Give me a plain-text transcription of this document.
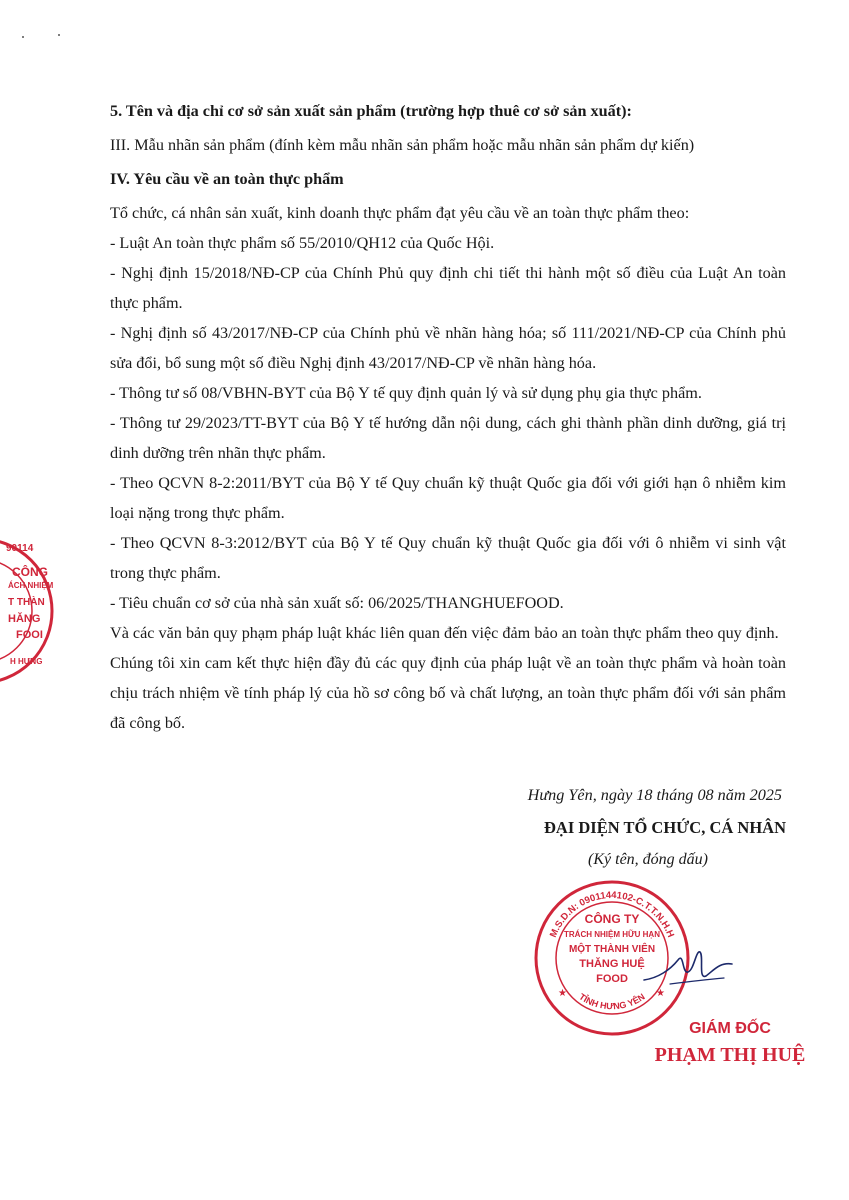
5. Tên và địa chỉ cơ sở sản xuất sản phẩm (trường hợp thuê cơ sở sản xuất):

III. Mẫu nhãn sản phẩm (đính kèm mẫu nhãn sản phẩm hoặc mẫu nhãn sản phẩm dự kiến)

IV. Yêu cầu về an toàn thực phẩm

Tổ chức, cá nhân sản xuất, kinh doanh thực phẩm đạt yêu cầu về an toàn thực phẩm theo:

- Luật An toàn thực phẩm số 55/2010/QH12 của Quốc Hội.

- Nghị định 15/2018/NĐ-CP của Chính Phủ quy định chi tiết thi hành một số điều của Luật An toàn thực phẩm.

- Nghị định số 43/2017/NĐ-CP của Chính phủ về nhãn hàng hóa; số 111/2021/NĐ-CP của Chính phủ sửa đổi, bổ sung một số điều Nghị định 43/2017/NĐ-CP về nhãn hàng hóa.

- Thông tư số 08/VBHN-BYT của Bộ Y tế quy định quản lý và sử dụng phụ gia thực phẩm.

- Thông tư 29/2023/TT-BYT của Bộ Y tế hướng dẫn nội dung, cách ghi thành phần dinh dưỡng, giá trị dinh dưỡng trên nhãn thực phẩm.

- Theo QCVN 8-2:2011/BYT của Bộ Y tế Quy chuẩn kỹ thuật Quốc gia đối với giới hạn ô nhiễm kim loại nặng trong thực phẩm.

- Theo QCVN 8-3:2012/BYT của Bộ Y tế Quy chuẩn kỹ thuật Quốc gia đối với ô nhiễm vi sinh vật trong thực phẩm.

- Tiêu chuẩn cơ sở của nhà sản xuất số: 06/2025/THANGHUEFOOD.

Và các văn bản quy phạm pháp luật khác liên quan đến việc đảm bảo an toàn thực phẩm theo quy định.

Chúng tôi xin cam kết thực hiện đầy đủ các quy định của pháp luật về an toàn thực phẩm và hoàn toàn chịu trách nhiệm về tính pháp lý của hồ sơ công bố và chất lượng, an toàn thực phẩm đối với sản phẩm đã công bố.

Hưng Yên, ngày 18 tháng 08 năm 2025
ĐẠI DIỆN TỔ CHỨC, CÁ NHÂN
(Ký tên, đóng dấu)
M.S.D.N: 0901144102-C.T.T.N.H.H
TỈNH HƯNG YÊN
★	★
CÔNG TY
TRÁCH NHIỆM HỮU HẠN
MỘT THÀNH VIÊN
THĂNG HUỆ
FOOD
GIÁM ĐỐC
PHẠM THỊ HUỆ
90114
CÔNG
ÁCH NHIỆM
T THÀN
HĂNG
FOOI
H HƯNG
